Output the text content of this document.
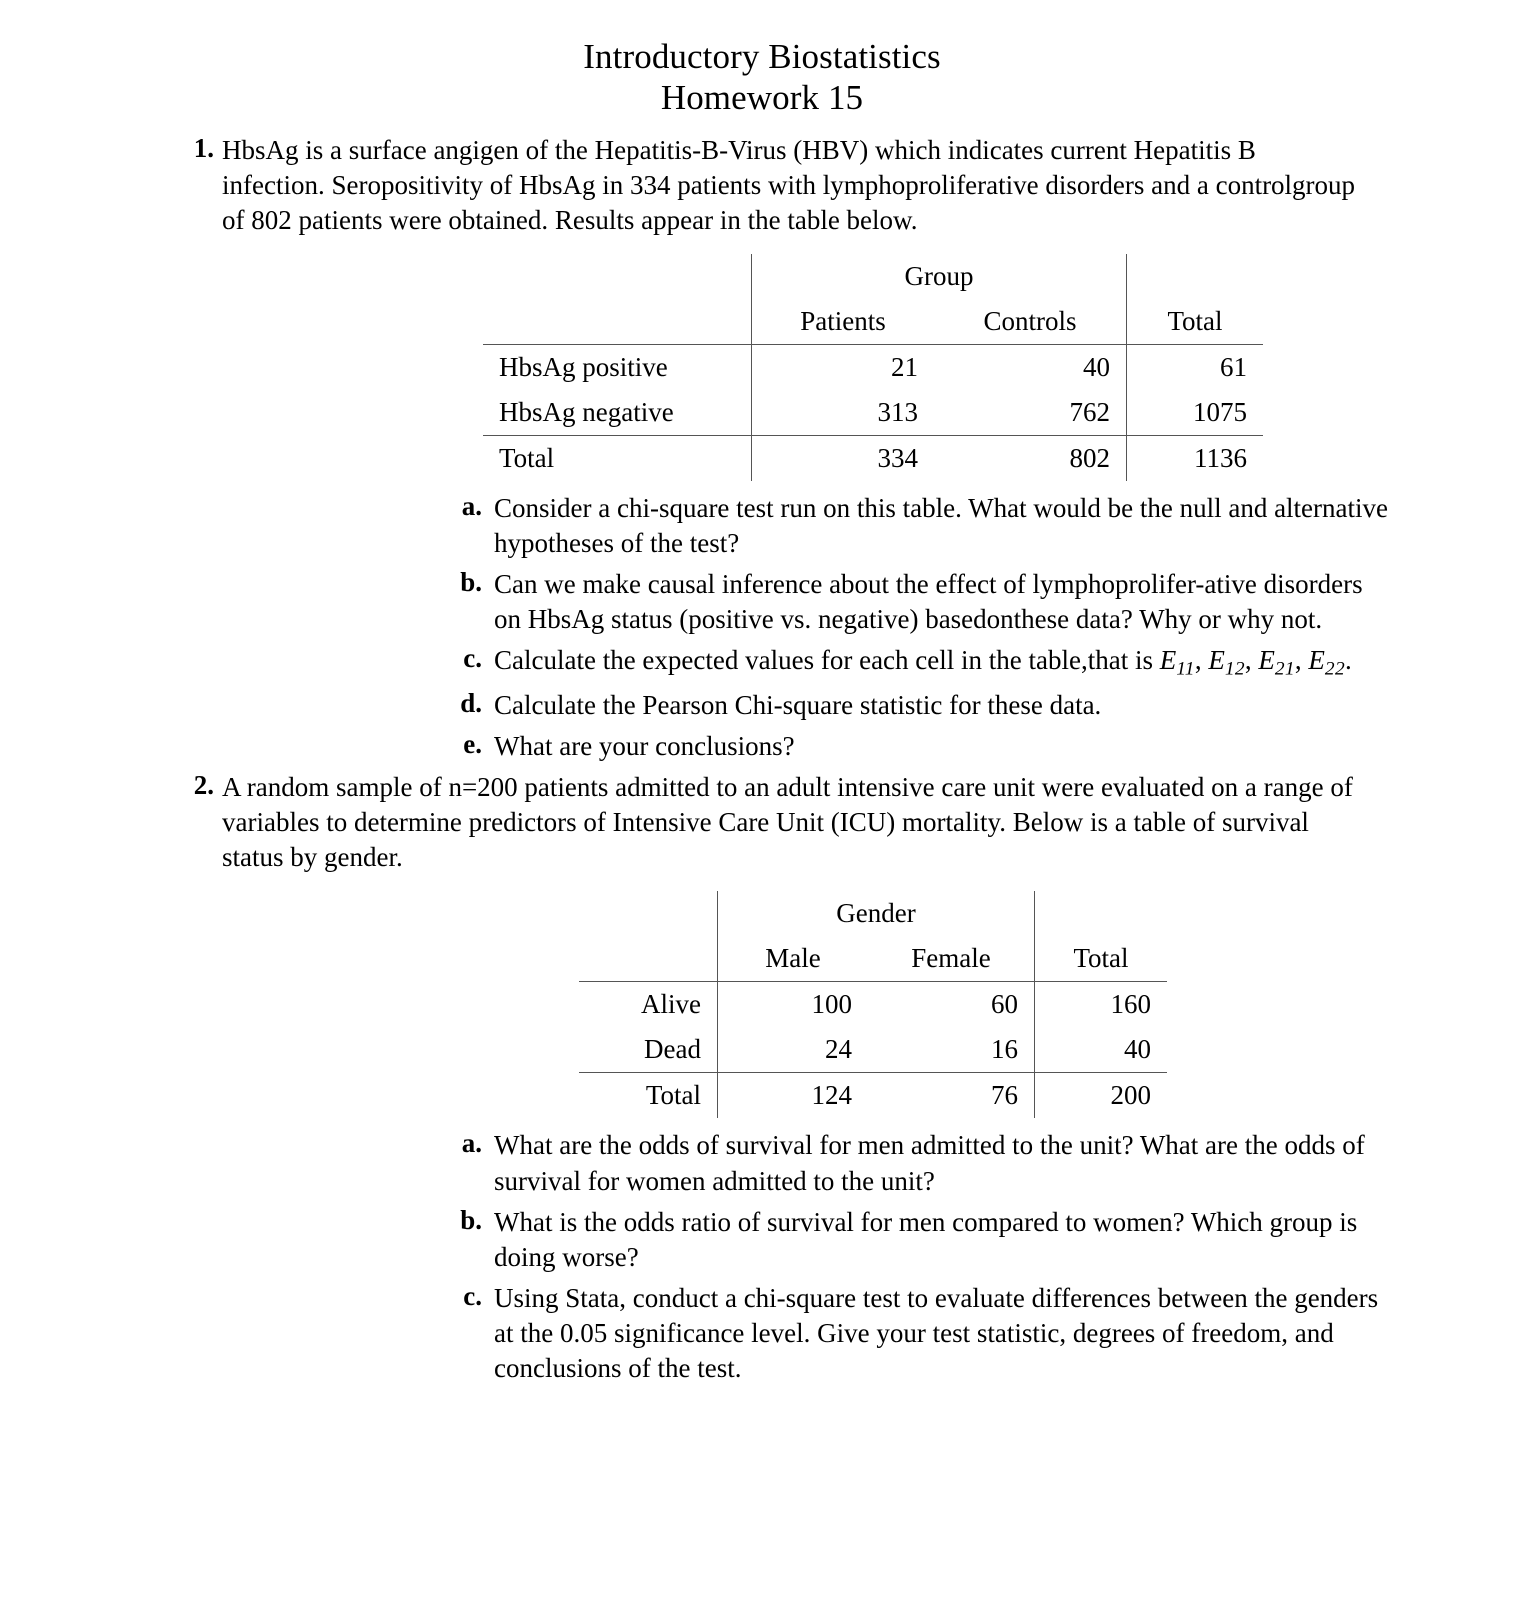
Introductory Biostatistics
Homework 15
1. HbsAg is a surface angigen of the Hepatitis-B-Virus (HBV) which indicates current Hepatitis B infection. Seropositivity of HbsAg in 334 patients with lymphoproliferative disorders and a controlgroup of 802 patients were obtained. Results appear in the table below.
	Group		
	Patients	Controls	Total
HbsAg positive	21	40	61
HbsAg negative	313	762	1075
Total	334	802	1136
a. Consider a chi-square test run on this table. What would be the null and alternative hypotheses of the test?
b. Can we make causal inference about the effect of lymphoprolifer-ative disorders on HbsAg status (positive vs. negative) basedonthese data? Why or why not.
c. Calculate the expected values for each cell in the table,that is $E_{11}$, $E_{12}$, $E_{21}$, $E_{22}$.
d. Calculate the Pearson Chi-square statistic for these data.
e. What are your conclusions?
2. A random sample of n=200 patients admitted to an adult intensive care unit were evaluated on a range of variables to determine predictors of Intensive Care Unit (ICU) mortality. Below is a table of survival status by gender.
	Gender		
	Male	Female	Total
Alive	100	60	160
Dead	24	16	40
Total	124	76	200
a. What are the odds of survival for men admitted to the unit? What are the odds of survival for women admitted to the unit?
b. What is the odds ratio of survival for men compared to women? Which group is doing worse?
c. Using Stata, conduct a chi-square test to evaluate differences between the genders at the 0.05 significance level. Give your test statistic, degrees of freedom, and conclusions of the test.
